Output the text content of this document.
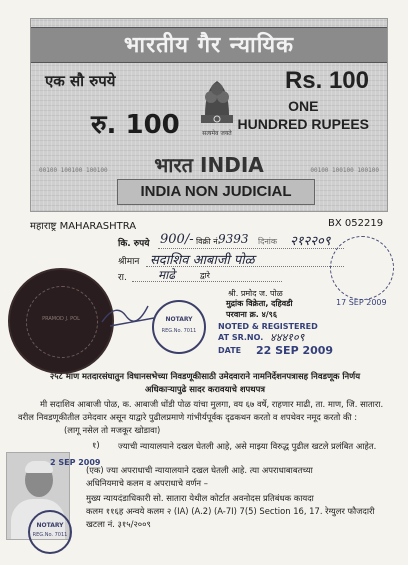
भारतीय गैर न्यायिक
एक सौ रुपये	Rs. 100
रु. 100
ONE
HUNDRED RUPEES
सत्यमेव जयते
भारत INDIA
INDIA NON JUDICIAL
00100 100100 100100	00100 100100 100100
महाराष्ट्र MAHARASHTRA	BX 052219
कि. रुपये 900/- विक्री नं.
9393 दिनांक २१२२०९
श्रीमान सदाशिव आबाजी पोळ
रा.	माढे	द्वारे
PRAMOD J. POL	NOTARY
REG.No. 7011
17 SEP 2009
श्री. प्रमोद ज. पोळ
मुद्रांक विक्रेता, दहिवडी
परवाना क्र. ४/९६
NOTED & REGISTERED
AT SR.NO. ४४४१०९
DATE 22 SEP 2009
२५८ माण मतदारसंघातुन विधानसभेच्या निवडणूकीसाठी उमेदवाराने नामनिर्देशनपत्रासह निवडणूक निर्णय अधिकाऱ्यापुढे सादर करावयाचे शपथपत्र
मी सदाशिव आबाजी पोळ, क. आबाजी धोंडी पोळ यांचा मुलगा, वय ६७ वर्षे, राहणार माढी, ता. माण, जि. सातारा. वरील निवडणूकीतील उमेदवार असून याद्वारे पुढीलप्रमाणे गांभीर्यपूर्वक दृढकथन करतो व शपथेवर नमूद करतो की :
(लागू नसेल तो मजकूर खोडावा)
१) ज्याची न्यायालयाने दखल घेतली आहे, असे माझ्या विरुद्ध पुढील खटले प्रलंबित आहेत.
2 SEP 2009
NOTARY
REG.No. 7011
(एक) ज्या अपराधाची न्यायालयाने दखल घेतली आहे. त्या अपराधाबाबतच्या
अधिनियमाचे कलम व अपराधाचे वर्णन –
मुख्य न्यायदंडाधिकारी सो. सातारा येथील कोर्टात अवनोदस प्रतिबंधक कायदा
कलम ११६ह अन्वये कलम २ (IA) (A.2) (A-7I) 7(5) Section 16, 17. रेग्युलर फौजदारी
खटला नं. ३१५/२००९
